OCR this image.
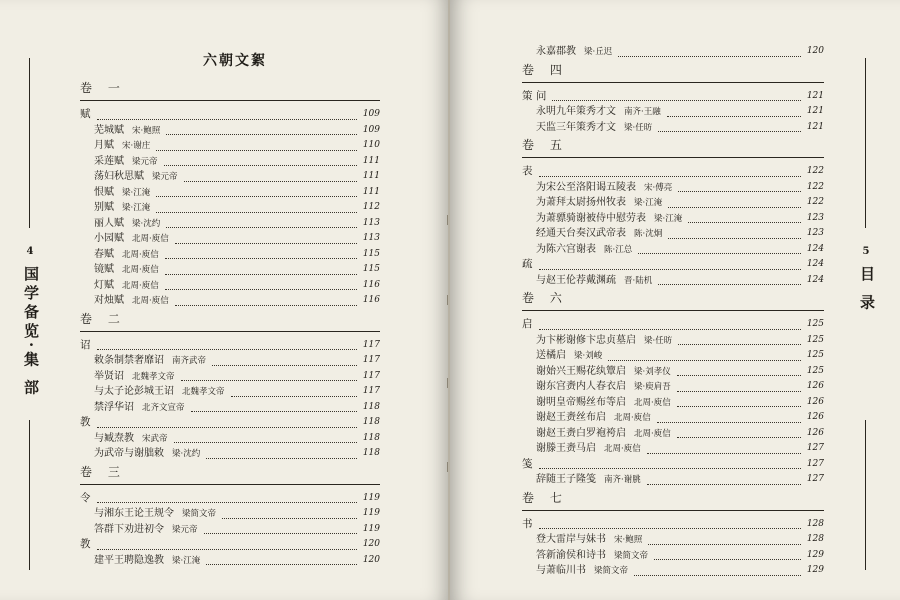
4
国学备览·集 部
六朝文絮
卷 一
赋	109
芜城赋 宋·鲍照	109
月赋 宋·谢庄	110
采莲赋 梁元帝	111
荡妇秋思赋 梁元帝	111
恨赋 梁·江淹	111
别赋 梁·江淹	112
丽人赋 梁·沈约	113
小园赋 北周·庾信	113
春赋 北周·庾信	115
镜赋 北周·庾信	115
灯赋 北周·庾信	116
对烛赋 北周·庾信	116
卷 二
诏	117
敕条制禁奢靡诏 南齐武帝	117
举贤诏 北魏孝文帝	117
与太子论彭城王诏 北魏孝文帝	117
禁浮华诏 北齐文宣帝	118
教	118
与臧焘教 宋武帝	118
为武帝与谢朏敕 梁·沈约	118
卷 三
令	119
与湘东王论王规令 梁简文帝	119
答群下劝进初令 梁元帝	119
教	120
建平王聘隐逸教 梁·江淹	120
永嘉郡教 梁·丘迟	120
卷 四
策 问	121
永明九年策秀才文 南齐·王融	121
天监三年策秀才文 梁·任昉	121
卷 五
表	122
为宋公至洛阳谒五陵表 宋·傅亮	122
为萧拜太尉扬州牧表 梁·江淹	122
为萧骠骑谢被侍中慰劳表 梁·江淹	123
经通天台奏汉武帝表 陈·沈炯	123
为陈六宫谢表 陈·江总	124
疏	124
与赵王伦荐戴渊疏 晋·陆机	124
卷 六
启	125
为卞彬谢修卞忠贞墓启 梁·任昉	125
送橘启 梁·刘峻	125
谢始兴王赐花纨簟启 梁·刘孝仪	125
谢东宫赉内人春衣启 梁·庾肩吾	126
谢明皇帝赐丝布等启 北周·庾信	126
谢赵王赉丝布启 北周·庾信	126
谢赵王赉白罗袍袴启 北周·庾信	126
谢滕王赉马启 北周·庾信	127
笺	127
辞随王子隆笺 南齐·谢朓	127
卷 七
书	128
登大雷岸与妹书 宋·鲍照	128
答新渝侯和诗书 梁简文帝	129
与萧临川书 梁简文帝	129
5
目 录
